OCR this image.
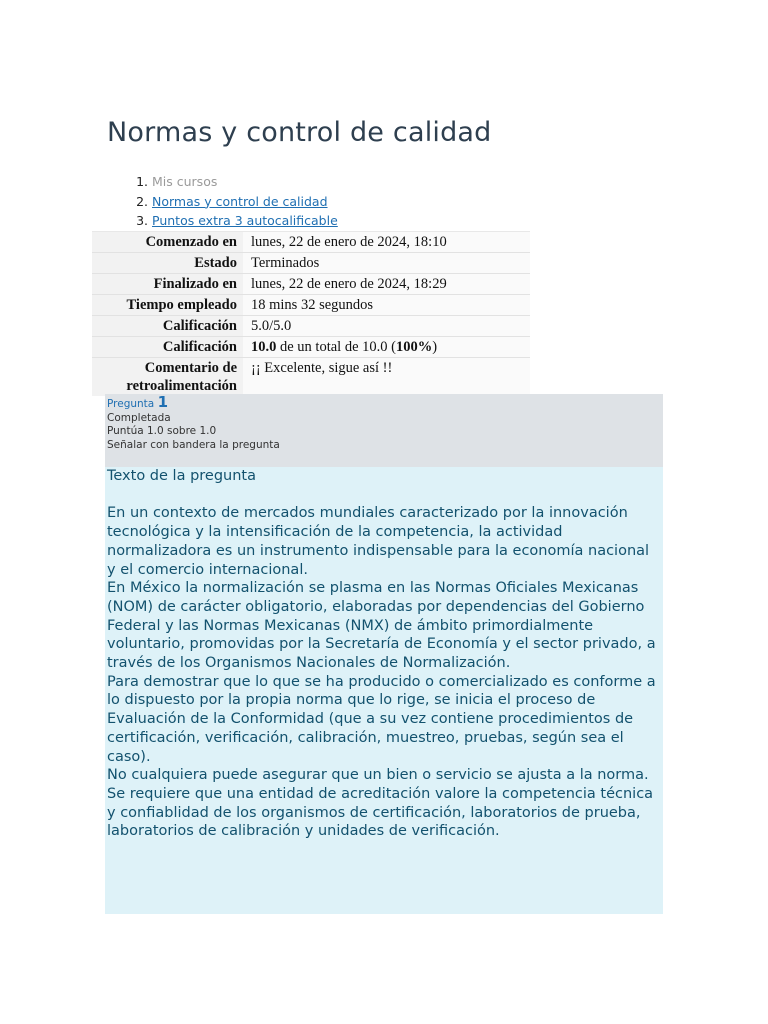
Normas y control de calidad
1. Mis cursos
2. Normas y control de calidad
3. Puntos extra 3 autocalificable
Comenzado en	lunes, 22 de enero de 2024, 18:10
Estado	Terminados
Finalizado en	lunes, 22 de enero de 2024, 18:29
Tiempo empleado	18 mins 32 segundos
Calificación	5.0/5.0
Calificación	10.0 de un total de 10.0 (100%)
Comentario de retroalimentación	¡¡ Excelente, sigue así !!
Pregunta 1
Completada
Puntúa 1.0 sobre 1.0
Señalar con bandera la pregunta

Texto de la pregunta

En un contexto de mercados mundiales caracterizado por la innovación tecnológica y la intensificación de la competencia, la actividad normalizadora es un instrumento indispensable para la economía nacional y el comercio internacional.

En México la normalización se plasma en las Normas Oficiales Mexicanas (NOM) de carácter obligatorio, elaboradas por dependencias del Gobierno Federal y las Normas Mexicanas (NMX) de ámbito primordialmente voluntario, promovidas por la Secretaría de Economía y el sector privado, a través de los Organismos Nacionales de Normalización.

Para demostrar que lo que se ha producido o comercializado es conforme a lo dispuesto por la propia norma que lo rige, se inicia el proceso de Evaluación de la Conformidad (que a su vez contiene procedimientos de certificación, verificación, calibración, muestreo, pruebas, según sea el caso).

No cualquiera puede asegurar que un bien o servicio se ajusta a la norma. Se requiere que una entidad de acreditación valore la competencia técnica y confiablidad de los organismos de certificación, laboratorios de prueba, laboratorios de calibración y unidades de verificación.
